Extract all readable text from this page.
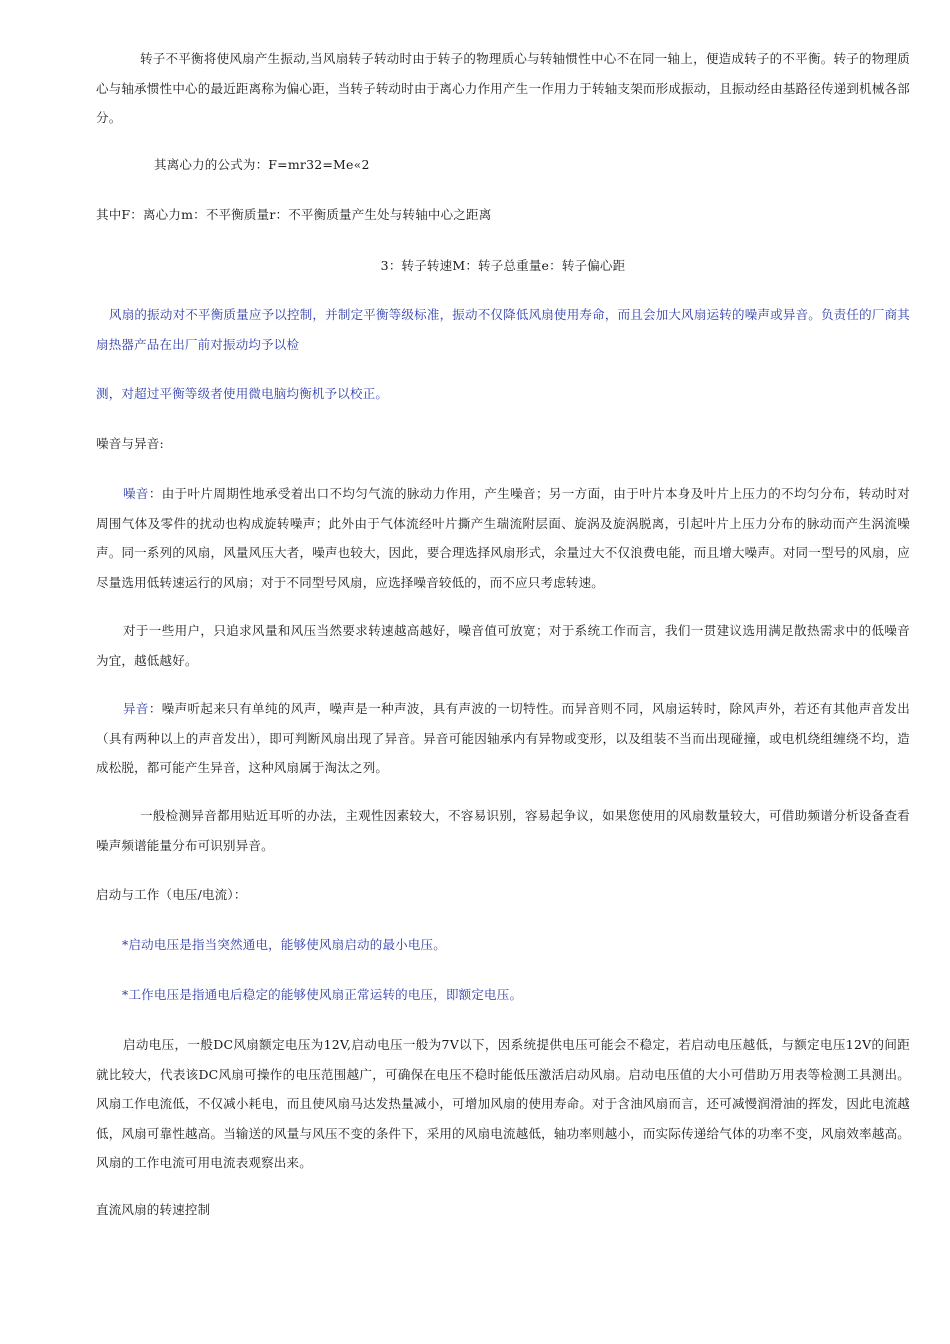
转子不平衡将使风扇产生振动,当风扇转子转动时由于转子的物理质心与转轴惯性中心不在同一轴上，便造成转子的不平衡。转子的物理质心与轴承惯性中心的最近距离称为偏心距，当转子转动时由于离心力作用产生一作用力于转轴支架而形成振动，且振动经由基路径传递到机械各部分。

其离心力的公式为：F=mr32=Me«2

其中F：离心力m：不平衡质量r：不平衡质量产生处与转轴中心之距离

3：转子转速M：转子总重量e：转子偏心距

风扇的振动对不平衡质量应予以控制，并制定平衡等级标准，振动不仅降低风扇使用寿命，而且会加大风扇运转的噪声或异音。负责任的厂商其扇热器产品在出厂前对振动均予以检

测，对超过平衡等级者使用微电脑均衡机予以校正。

噪音与异音:

噪音：由于叶片周期性地承受着出口不均匀气流的脉动力作用，产生噪音；另一方面，由于叶片本身及叶片上压力的不均匀分布，转动时对周围气体及零件的扰动也构成旋转噪声；此外由于气体流经叶片撕产生瑞流附层面、旋涡及旋涡脱离，引起叶片上压力分布的脉动而产生涡流噪声。同一系列的风扇，风量风压大者，噪声也较大，因此，要合理选择风扇形式，余量过大不仅浪费电能，而且增大噪声。对同一型号的风扇，应尽量选用低转速运行的风扇；对于不同型号风扇，应选择噪音较低的，而不应只考虑转速。

对于一些用户，只追求风量和风压当然要求转速越高越好，噪音值可放宽；对于系统工作而言，我们一贯建议选用满足散热需求中的低噪音为宜，越低越好。

异音：噪声听起来只有单纯的风声，噪声是一种声波，具有声波的一切特性。而异音则不同，风扇运转时，除风声外，若还有其他声音发出（具有两种以上的声音发出），即可判断风扇出现了异音。异音可能因轴承内有异物或变形，以及组装不当而出现碰撞，或电机绕组缠绕不均，造成松脱，都可能产生异音，这种风扇属于淘汰之列。

一般检测异音都用贴近耳听的办法，主观性因素较大，不容易识别，容易起争议，如果您使用的风扇数量较大，可借助频谱分析设备查看噪声频谱能量分布可识别异音。

启动与工作（电压/电流）：

*启动电压是指当突然通电，能够使风扇启动的最小电压。

*工作电压是指通电后稳定的能够使风扇正常运转的电压，即额定电压。

启动电压，一般DC风扇额定电压为12V,启动电压一般为7V以下，因系统提供电压可能会不稳定，若启动电压越低，与额定电压12V的间距就比较大，代表该DC风扇可操作的电压范围越广，可确保在电压不稳时能低压激活启动风扇。启动电压值的大小可借助万用表等检测工具测出。风扇工作电流低，不仅减小耗电，而且使风扇马达发热量减小，可增加风扇的使用寿命。对于含油风扇而言，还可减慢润滑油的挥发，因此电流越低，风扇可靠性越高。当输送的风量与风压不变的条件下，采用的风扇电流越低，轴功率则越小，而实际传递给气体的功率不变，风扇效率越高。风扇的工作电流可用电流表观察出来。

直流风扇的转速控制
